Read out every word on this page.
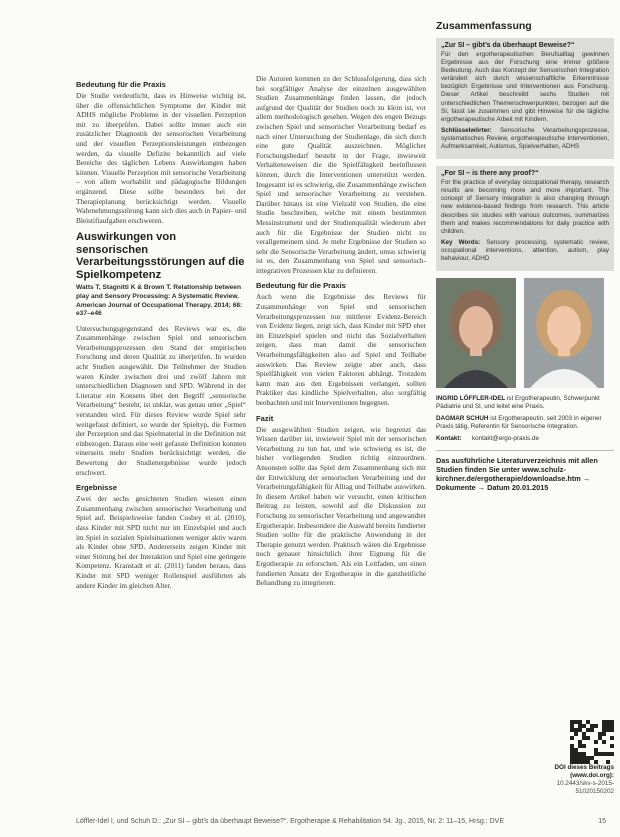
Bedeutung für die Praxis

Die Studie verdeutlicht, dass es Hinweise wichtig ist, über die offensichtlichen Symptome der Kinder mit ADHS mögliche Probleme in der visuellen Perzeption mit zu überprüfen. Dabei sollte immer auch ein zusätzlicher Diagnostik der sensorischen Verarbeitung und der visuellen Perzeptionsleistungen einbezogen werden, da visuelle Defizite bekanntlich auf viele Bereiche des täglichen Lebens Auswirkungen haben können. Visuelle Perzeption mit sensorische Verarbeitung – von allem worhabilit und pädagogische Bildungen ergänzend. Diese sollte besonders bei der Therapieplanung berücksichtigt werden. Visuelle Wahrnehmungsstörung kann sich dies auch in Papier- und Bleistiftaufgaben erschweren.

Auswirkungen von sensorischen Verarbeitungsstörungen auf die Spielkompetenz
Watts T, Stagnitti K & Brown T. Relationship between play and Sensory Processing: A Systematic Review. American Journal of Occupational Therapy. 2014; 68: e37–e46

Untersuchungsgegenstand des Reviews war es, die Zusammenhänge zwischen Spiel und sensorischen Verarbeitungsprozessen den Stand der empirischen Forschung und deren Qualität zu überprüfen. In wurden acht Studien ausgewählt. Die Teilnehmer der Studien waren Kinder zwischen drei und zwölf Jahren mit unterschiedlichen Diagnosen und SPD. Während in der Literatur ein Konsens über den Begriff „sensorische Verarbeitung“ besteht, ist unklar, was genau unter „Spiel“ verstanden wird. Für dieses Review wurde Spiel sehr weitgefasst definiert, so wurde der Spieltyp, die Formen der Perzeption und das Spielmaterial in die Definition mit einbezogen. Daraus eine weit gefasste Definition konnten einerseits mehr Studien berücksichtigt werden, die Bewertung der Studienergebnisse wurde jedoch erschwert.

Ergebnisse

Zwei der sechs gesichteten Studien wiesen einen Zusammenhang zwischen sensorischer Verarbeitung und Spiel auf. Beispielsweise fanden Cosbey et al. (2010), dass Kinder mit SPD nicht nur im Einzelspiel und auch im Spiel in sozialen Spielsituationen weniger aktiv waren als Kinder ohne SPD. Andererseits zeigen Kinder mit einer Störung bei der Interaktion und Spiel eine geringere Kompetenz. Kranstadt et al. (2011) fanden heraus, dass Kinder mit SPD weniger Rollenspiel ausführten als andere Kinder im gleichen Alter.

Die Autoren kommen zu der Schlussfolgerung, dass sich bei sorgfältiger Analyse der einzelnen ausgewählten Studien Zusammenhänge finden lassen, die jedoch aufgrund der Qualität der Studien noch zu klein ist, vor allem methodologisch gesehen. Wegen des engen Bezugs zwischen Spiel und sensorischer Verarbeitung bedarf es nach einer Untersuchung der Studienlage, die sich durch eine gute Qualität auszeichnen. Möglicher Forschungsbedarf besteht in der Frage, inwieweit Verhaltensweisen die die Spielfähigkeit beeinflussen können, durch die Interventionen unterstützt werden. Insgesamt ist es schwierig, die Zusammenhänge zwischen Spiel und sensorischer Verarbeitung zu verstehen. Darüber hinaus ist eine Vielzahl von Studien, die eine Studie beschreiben, welche mit einem bestimmten Messinstrument und der Studienqualität wiederum aber auch für die Ergebnisse der Studien nicht zu verallgemeinern sind. Je mehr Ergebnisse der Studien so sehr die Sensorische Verarbeitung ändert, umso schwierig ist es, den Zusammenhang von Spiel und sensorisch-integrativen Prozessen klar zu definieren.

Bedeutung für die Praxis

Auch wenn die Ergebnisse des Reviews für Zusammenhänge von Spiel und sensorischen Verarbeitungsprozessen nur mittlerer Evidenz-Bereich von Evidenz liegen, zeigt sich, dass Kinder mit SPD eher im Einzelspiel spielen und nicht das Sozialverhalten zeigen, dass man damit die sensorischen Verarbeitungsfähigkeiten also auf Spiel und Teilhabe auswirken. Das Review zeigte aber auch, dass Spielfähigkeit von vielen Faktoren abhängt. Trotzdem kann man aus den Ergebnissen verlangen, sollten Praktiker das kindliche Spielverhalten, also sorgfältig beobachten und mit Interventionen begegnen.

Fazit

Die ausgewählten Studien zeigen, wie begrenzt das Wissen darüber ist, inwieweit Spiel mit der sensorischen Verarbeitung zu tun hat, und wie schwierig es ist, die bisher vorliegenden Studien richtig einzuordnen. Ansonsten sollte das Spiel dem Zusammenhang sich mit der Entwicklung der sensorischen Verarbeitung und der Verarbeitungsfähigkeit für Alltag und Teilhabe auswirken. In diesem Artikel haben wir versucht, einen kritischen Beitrag zu leisten, sowohl auf die Diskussion zur Forschung zu sensorischer Verarbeitung und angewandter Ergotherapie. Insbesondere die Auswahl bereits fundierter Studien sollte für die praktische Anwendung in der Therapie genutzt werden. Praktisch wären die Ergebnisse noch genauer hinsichtlich ihrer Eignung für die Ergotherapie zu erforschen. Als ein Leitfaden, um einen fundierten Ansatz der Ergotherapie in die ganzheitliche Behandlung zu integrieren.

Zusammenfassung
„Zur SI – gibt’s da überhaupt Beweise?“
Für den ergotherapeutischen Berufsalltag gewinnen Ergebnisse aus der Forschung eine immer größere Bedeutung. Auch das Konzept der Sensorischen Integration verändert sich durch wissenschaftliche Erkenntnisse bezüglich Ergebnisse und Interventionen aus Forschung. Dieser Artikel beschreibt sechs Studien mit unterschiedlichen Themenschwerpunkten, bezogen auf die SI, fasst sie zusammen und gibt Hinweise für die tägliche ergotherapeutische Arbeit mit Kindern.
Schlüsselwörter: Sensorische Verarbeitungsprozesse, systematisches Review, ergotherapeutische Interventionen, Aufmerksamkeit, Autismus, Spielverhalten, ADHS
„For SI – is there any proof?“
For the practice of everyday occupational therapy, research results are becoming more and more important. The concept of Sensory Integration is also changing through new evidence-based findings from research. This article describes six studies with various outcomes, summarizes them and makes recommendations for daily practice with children.
Key Words: Sensory processing, systematic review, occupational interventions, attention, autism, play behaviour, ADHD
INGRID LÖFFLER-IDEL ist Ergotherapeutin, Schwerpunkt Pädiatrie und SI, und leitet eine Praxis.
DAGMAR SCHUH ist Ergotherapeutin, seit 2003 in eigener Praxis tätig, Referentin für Sensorische Integration.
Kontakt:	kontakt@ergo-praxis.de
Das ausführliche Literaturverzeichnis mit allen Studien finden Sie unter www.schulz-kirchner.de/ergotherapie/downloadse.htm → Dokumente → Datum 20.01.2015
DOI dieses Beitrags (www.doi.org):
10.2443/skv-s-2015-51020150202
Löffler-Idel I, und Schuh D.: „Zur SI – gibt’s da überhaupt Beweise?“. Ergotherapie & Rehabilitation 54. Jg., 2015, Nr. 2: 11–15, Hrsg.: DVE	15
